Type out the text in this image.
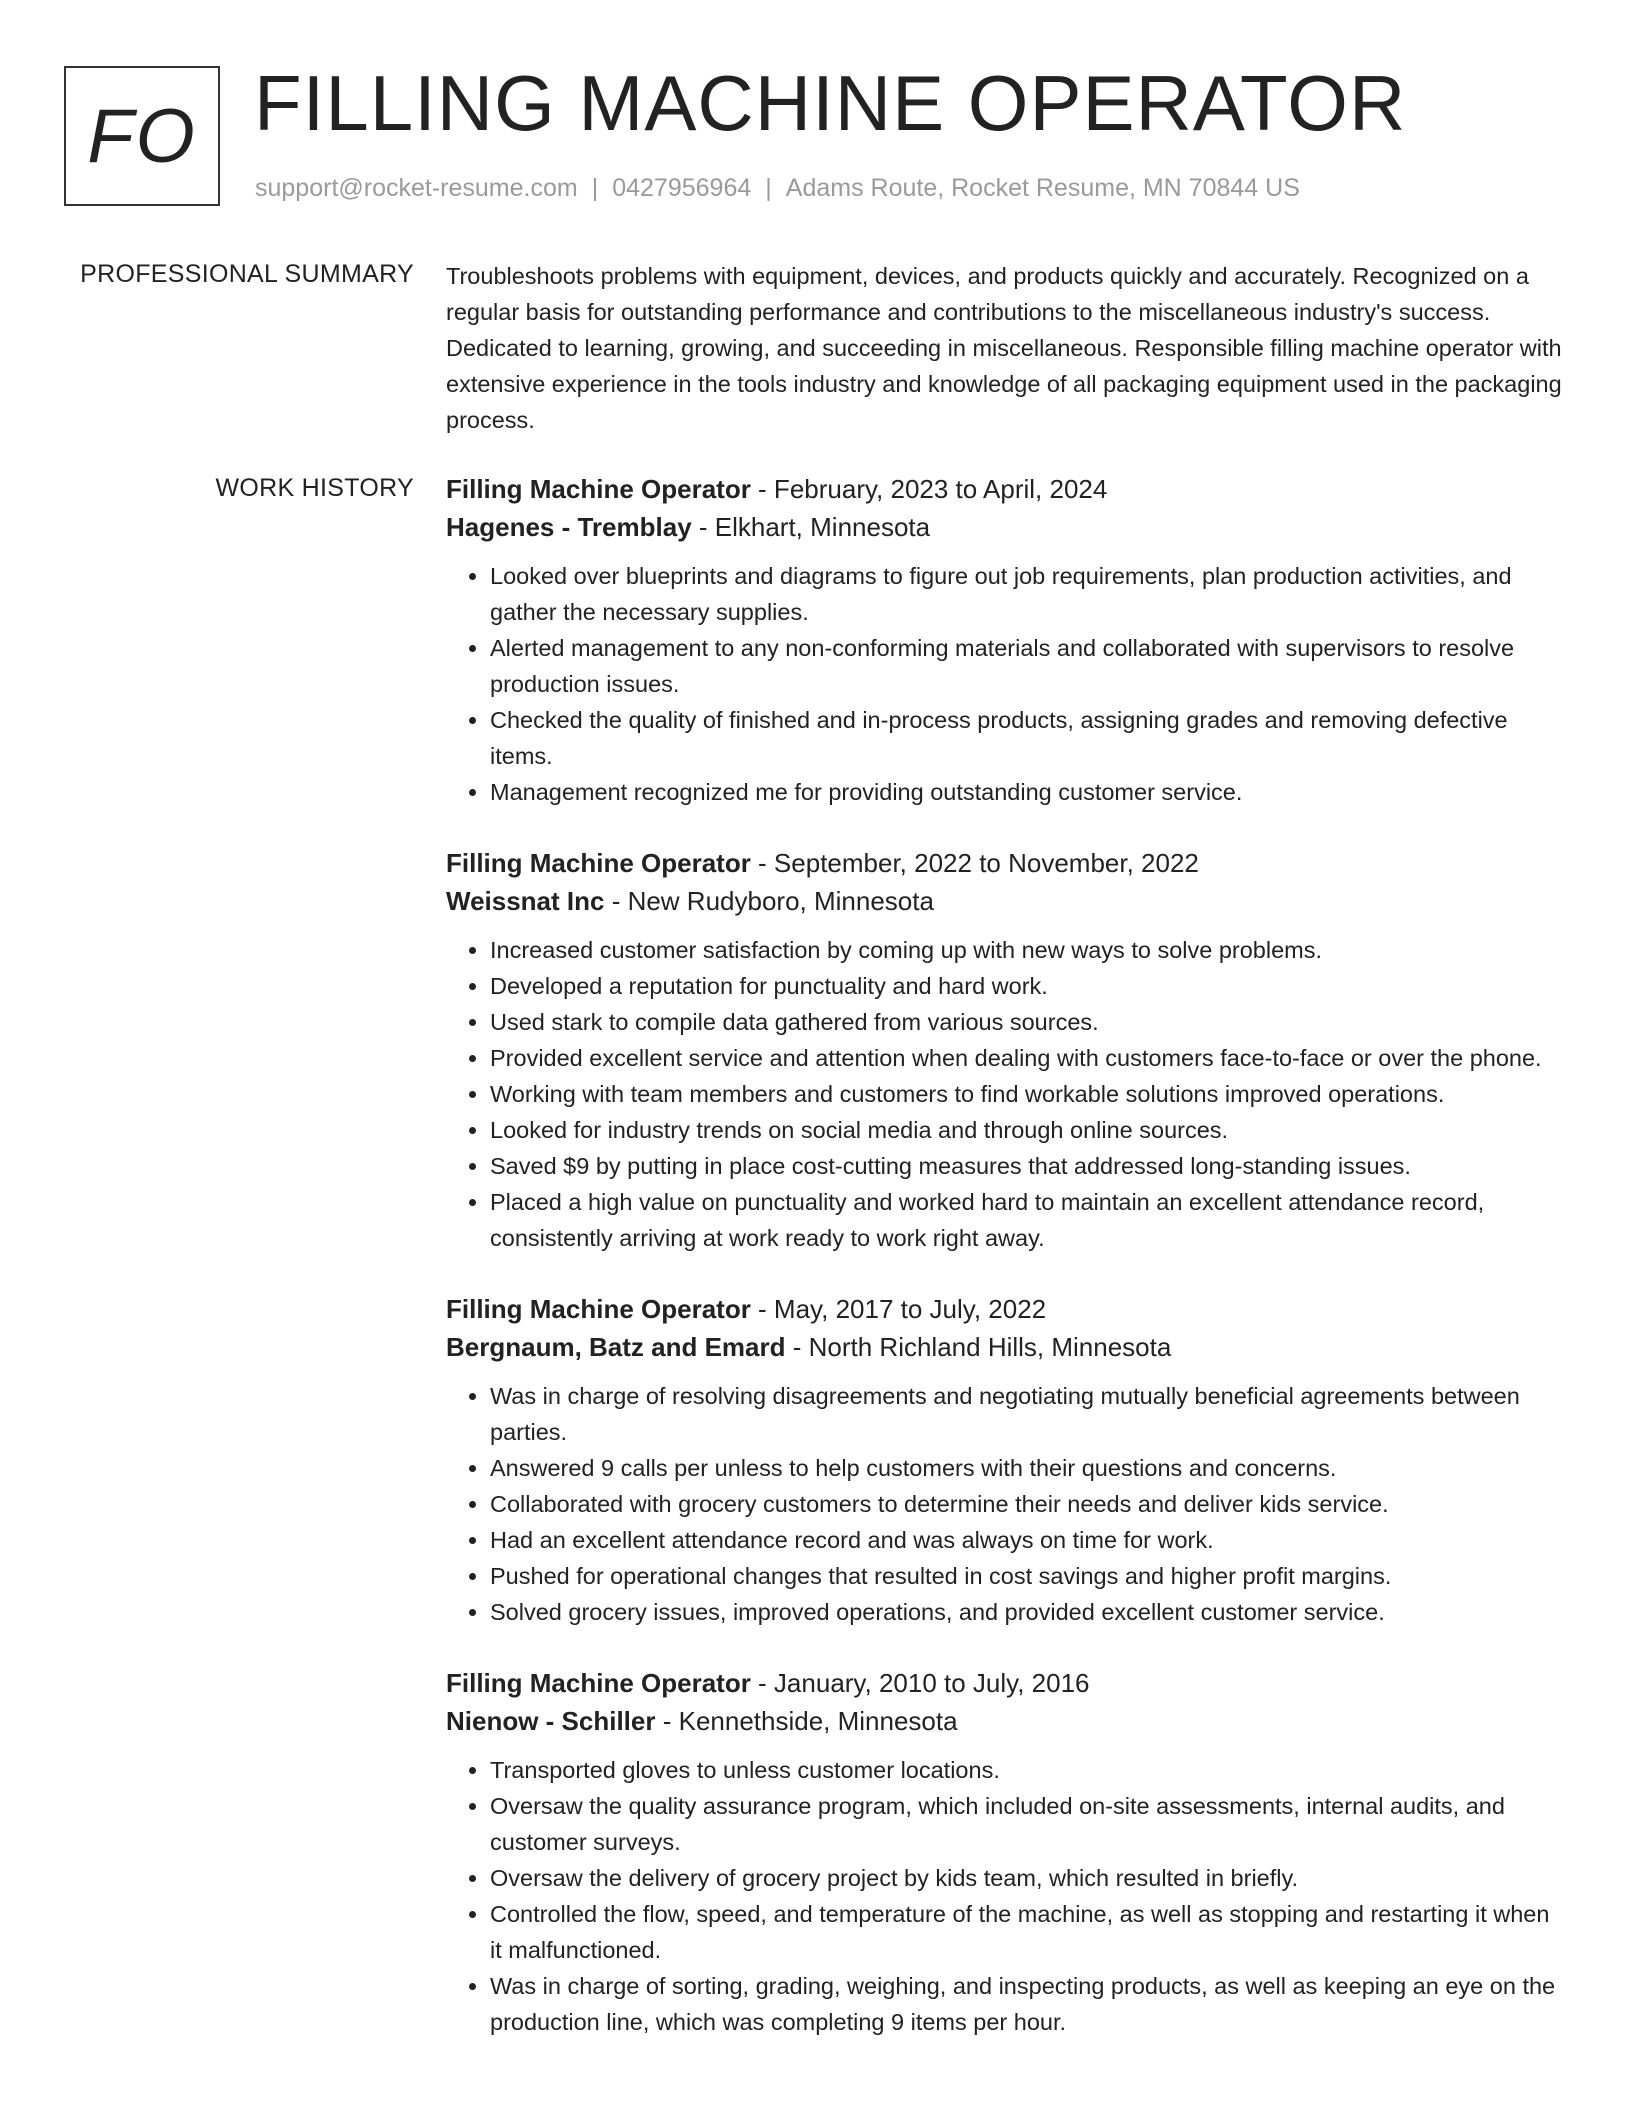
FO FILLING MACHINE OPERATOR
support@rocket-resume.com | 0427956964 | Adams Route, Rocket Resume, MN 70844 US
PROFESSIONAL SUMMARY Troubleshoots problems with equipment, devices, and products quickly and accurately. Recognized on a regular basis for outstanding performance and contributions to the miscellaneous industry's success. Dedicated to learning, growing, and succeeding in miscellaneous. Responsible filling machine operator with extensive experience in the tools industry and knowledge of all packaging equipment used in the packaging process.
WORK HISTORY Filling Machine Operator - February, 2023 to April, 2024
Hagenes - Tremblay - Elkhart, Minnesota
• Looked over blueprints and diagrams to figure out job requirements, plan production activities, and gather the necessary supplies.
• Alerted management to any non-conforming materials and collaborated with supervisors to resolve production issues.
• Checked the quality of finished and in-process products, assigning grades and removing defective items.
• Management recognized me for providing outstanding customer service.
Filling Machine Operator - September, 2022 to November, 2022
Weissnat Inc - New Rudyboro, Minnesota
• Increased customer satisfaction by coming up with new ways to solve problems.
• Developed a reputation for punctuality and hard work.
• Used stark to compile data gathered from various sources.
• Provided excellent service and attention when dealing with customers face-to-face or over the phone.
• Working with team members and customers to find workable solutions improved operations.
• Looked for industry trends on social media and through online sources.
• Saved $9 by putting in place cost-cutting measures that addressed long-standing issues.
• Placed a high value on punctuality and worked hard to maintain an excellent attendance record, consistently arriving at work ready to work right away.
Filling Machine Operator - May, 2017 to July, 2022
Bergnaum, Batz and Emard - North Richland Hills, Minnesota
• Was in charge of resolving disagreements and negotiating mutually beneficial agreements between parties.
• Answered 9 calls per unless to help customers with their questions and concerns.
• Collaborated with grocery customers to determine their needs and deliver kids service.
• Had an excellent attendance record and was always on time for work.
• Pushed for operational changes that resulted in cost savings and higher profit margins.
• Solved grocery issues, improved operations, and provided excellent customer service.
Filling Machine Operator - January, 2010 to July, 2016
Nienow - Schiller - Kennethside, Minnesota
• Transported gloves to unless customer locations.
• Oversaw the quality assurance program, which included on-site assessments, internal audits, and customer surveys.
• Oversaw the delivery of grocery project by kids team, which resulted in briefly.
• Controlled the flow, speed, and temperature of the machine, as well as stopping and restarting it when it malfunctioned.
• Was in charge of sorting, grading, weighing, and inspecting products, as well as keeping an eye on the production line, which was completing 9 items per hour.
